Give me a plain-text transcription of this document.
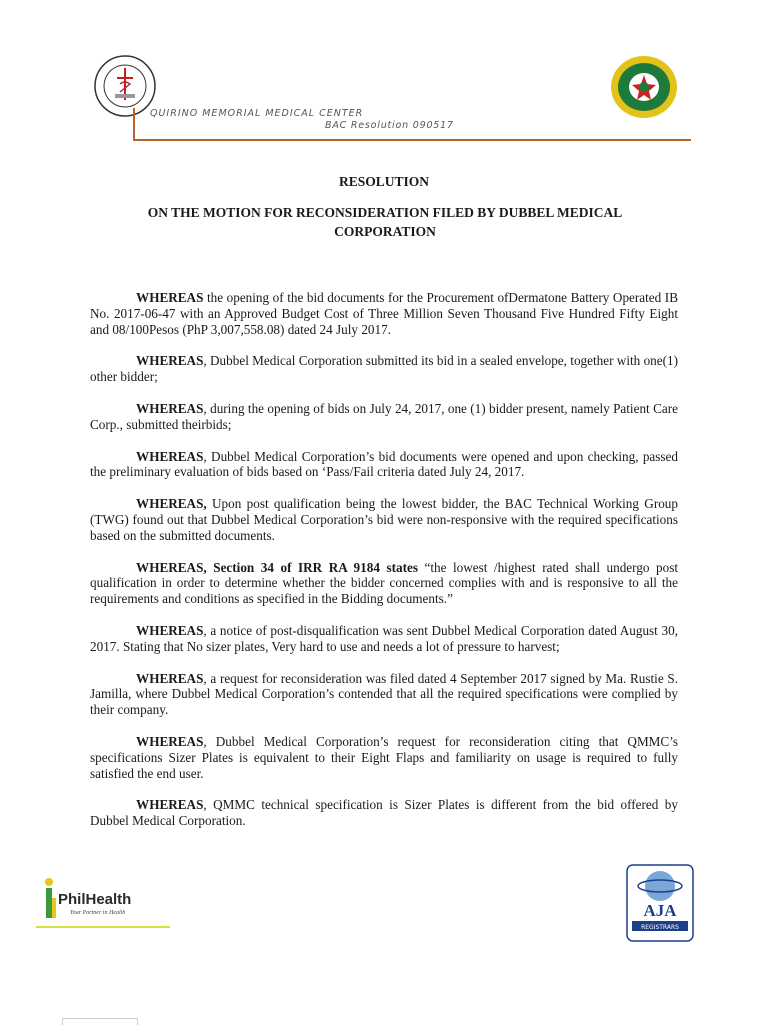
QUIRINO MEMORIAL MEDICAL CENTER
BAC Resolution 090517
RESOLUTION
ON THE MOTION FOR RECONSIDERATION FILED BY DUBBEL MEDICAL CORPORATION

WHEREAS the opening of the bid documents for the Procurement ofDermatone Battery Operated IB No. 2017-06-47 with an Approved Budget Cost of Three Million Seven Thousand Five Hundred Fifty Eight and 08/100Pesos (PhP 3,007,558.08) dated 24 July 2017.

WHEREAS, Dubbel Medical Corporation submitted its bid in a sealed envelope, together with one(1) other bidder;

WHEREAS, during the opening of bids on July 24, 2017, one (1) bidder present, namely Patient Care Corp., submitted theirbids;

WHEREAS, Dubbel Medical Corporation’s bid documents were opened and upon checking, passed the preliminary evaluation of bids based on ‘Pass/Fail criteria dated July 24, 2017.

WHEREAS, Upon post qualification being the lowest bidder, the BAC Technical Working Group (TWG) found out that Dubbel Medical Corporation’s bid were non-responsive with the required specifications based on the submitted documents.

WHEREAS, Section 34 of IRR RA 9184 states “the lowest /highest rated shall undergo post qualification in order to determine whether the bidder concerned complies with and is responsive to all the requirements and conditions as specified in the Bidding documents.”

WHEREAS, a notice of post-disqualification was sent Dubbel Medical Corporation dated August 30, 2017. Stating that No sizer plates, Very hard to use and needs a lot of pressure to harvest;

WHEREAS, a request for reconsideration was filed dated 4 September 2017 signed by Ma. Rustie S. Jamilla, where Dubbel Medical Corporation’s contended that all the required specifications were complied by their company.

WHEREAS, Dubbel Medical Corporation’s request for reconsideration citing that QMMC’s specifications Sizer Plates is equivalent to their Eight Flaps and familiarity on usage is required to fully satisfied the end user.

WHEREAS, QMMC technical specification is Sizer Plates is different from the bid offered by Dubbel Medical Corporation.

PhilHealth
Your Partner in Health	AJA
REGISTRARS
